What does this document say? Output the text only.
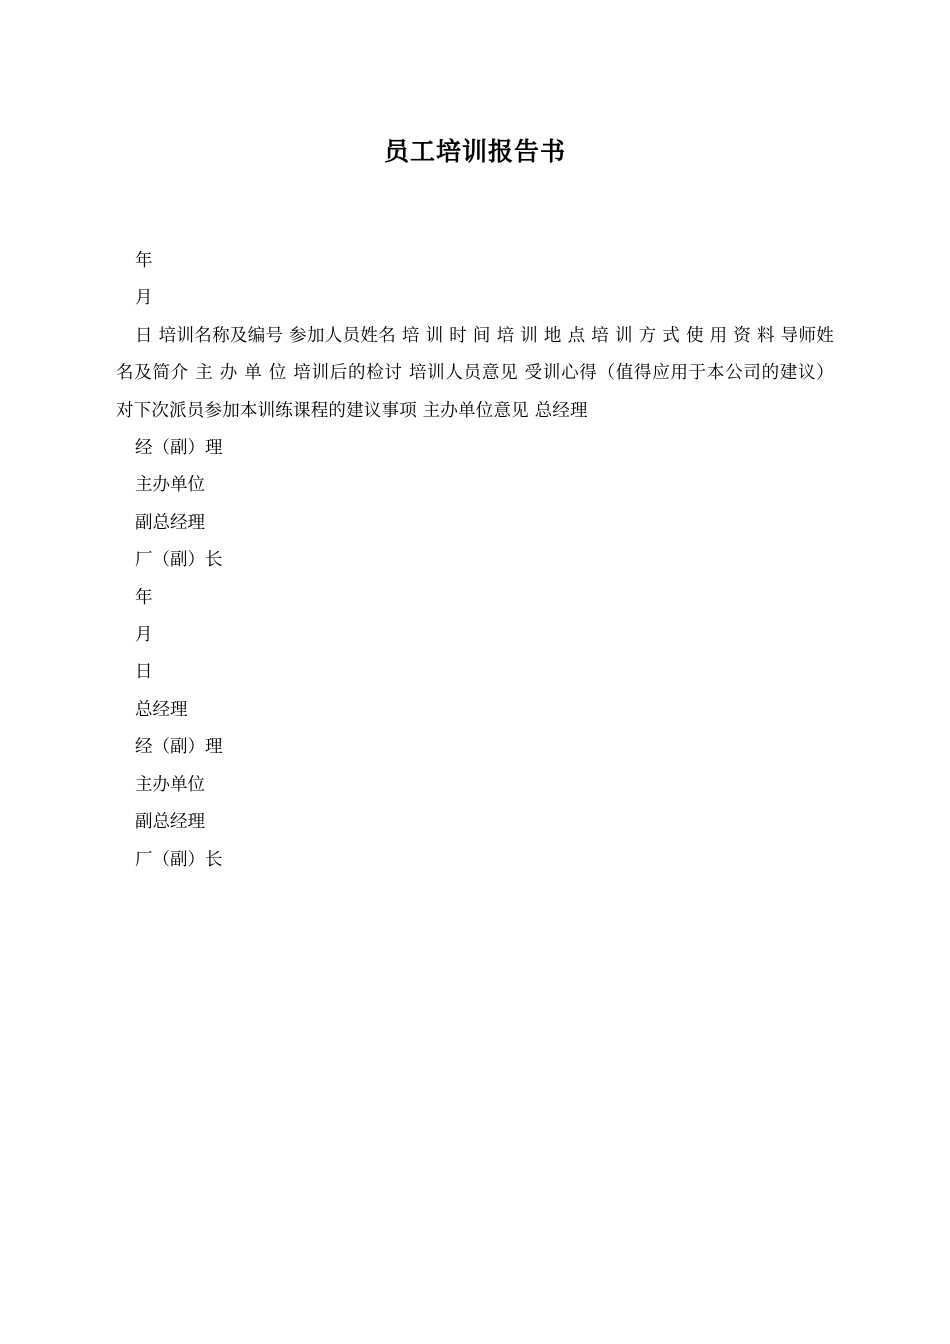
员工培训报告书
年
月
日 培训名称及编号 参加人员姓名 培 训 时 间 培 训 地 点 培 训 方 式 使 用 资 料 导师姓名及简介 主 办 单 位 培训后的检讨 培训人员意见 受训心得（值得应用于本公司的建议） 对下次派员参加本训练课程的建议事项 主办单位意见 总经理
经（副）理
主办单位
副总经理
厂（副）长
年
月
日
总经理
经（副）理
主办单位
副总经理
厂（副）长
